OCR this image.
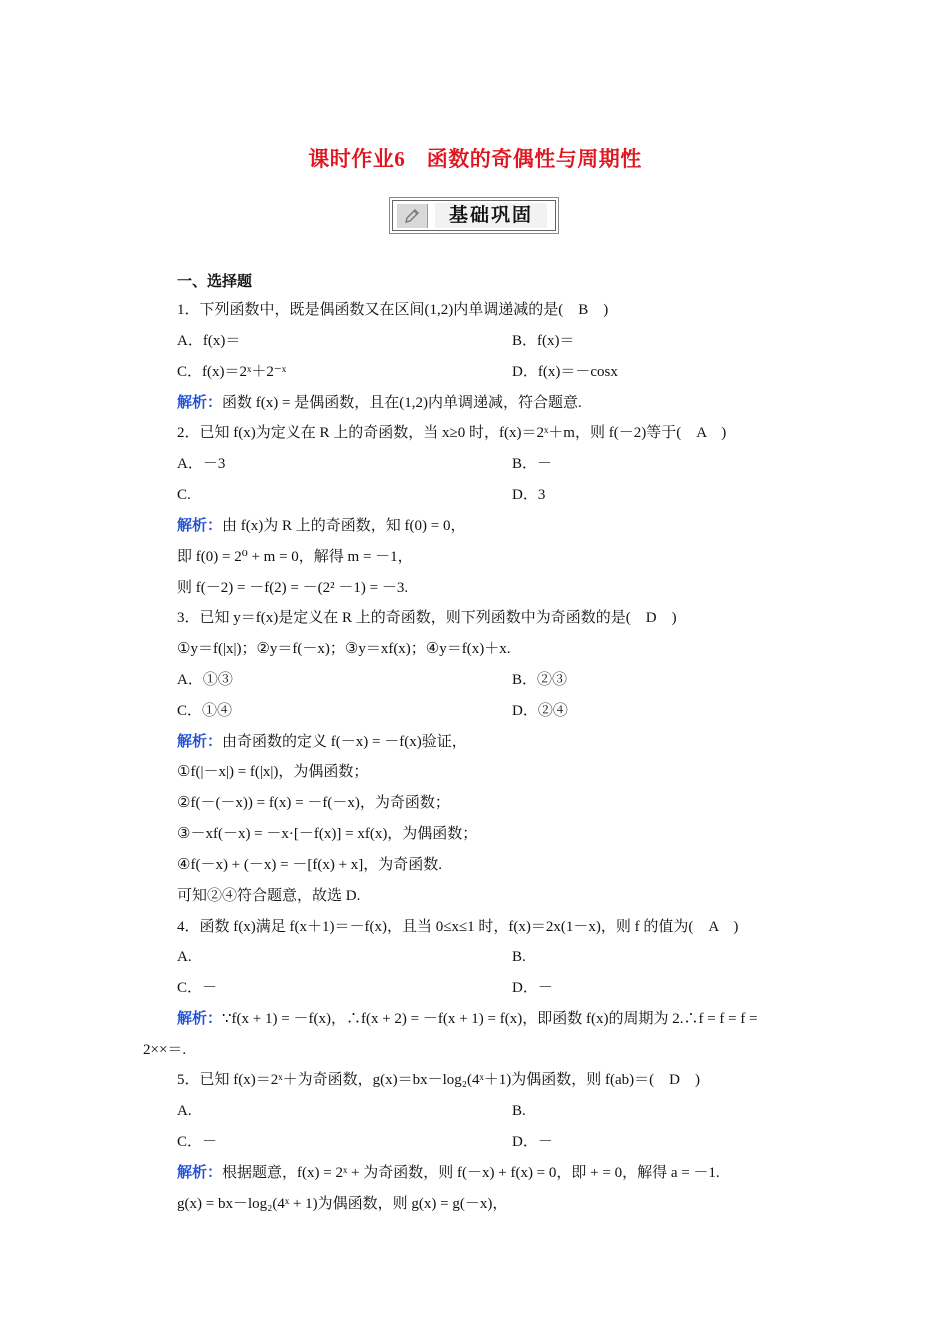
课时作业6　函数的奇偶性与周期性
基础巩固
一、选择题
1．下列函数中，既是偶函数又在区间(1,2)内单调递减的是(　B　)
A．f(x)＝	B．f(x)＝
C．f(x)＝2ˣ＋2⁻ˣ	D．f(x)＝－cosx
解析：函数 f(x) = 是偶函数，且在(1,2)内单调递减，符合题意.
2．已知 f(x)为定义在 R 上的奇函数，当 x≥0 时，f(x)＝2ˣ＋m，则 f(－2)等于(　A　)
A．－3	B．－
C.	D．3
解析：由 f(x)为 R 上的奇函数，知 f(0) = 0，
即 f(0) = 2⁰ + m = 0，解得 m = －1，
则 f(－2) = －f(2) = －(2² －1) = －3.
3．已知 y＝f(x)是定义在 R 上的奇函数，则下列函数中为奇函数的是(　D　)
①y＝f(|x|)；②y＝f(－x)；③y＝xf(x)；④y＝f(x)＋x.
A．①③	B．②③
C．①④	D．②④
解析：由奇函数的定义 f(－x) = －f(x)验证，
①f(|－x|) = f(|x|)，为偶函数；
②f(－(－x)) = f(x) = －f(－x)，为奇函数；
③－xf(－x) = －x·[－f(x)] = xf(x)，为偶函数；
④f(－x) + (－x) = －[f(x) + x]，为奇函数.
可知②④符合题意，故选 D.
4．函数 f(x)满足 f(x＋1)＝－f(x)，且当 0≤x≤1 时，f(x)＝2x(1－x)，则 f 的值为(　A　)
A.	B.
C．－	D．－
解析：∵f(x + 1) = －f(x)，∴f(x + 2) = －f(x + 1) = f(x)，即函数 f(x)的周期为 2.∴f = f = f =
2××＝.
5．已知 f(x)＝2ˣ＋为奇函数，g(x)＝bx－log₂(4ˣ＋1)为偶函数，则 f(ab)＝(　D　)
A.	B.
C．－	D．－
解析：根据题意，f(x) = 2ˣ + 为奇函数，则 f(－x) + f(x) = 0，即 + = 0，解得 a = －1.
g(x) = bx－log₂(4ˣ + 1)为偶函数，则 g(x) = g(－x)，
